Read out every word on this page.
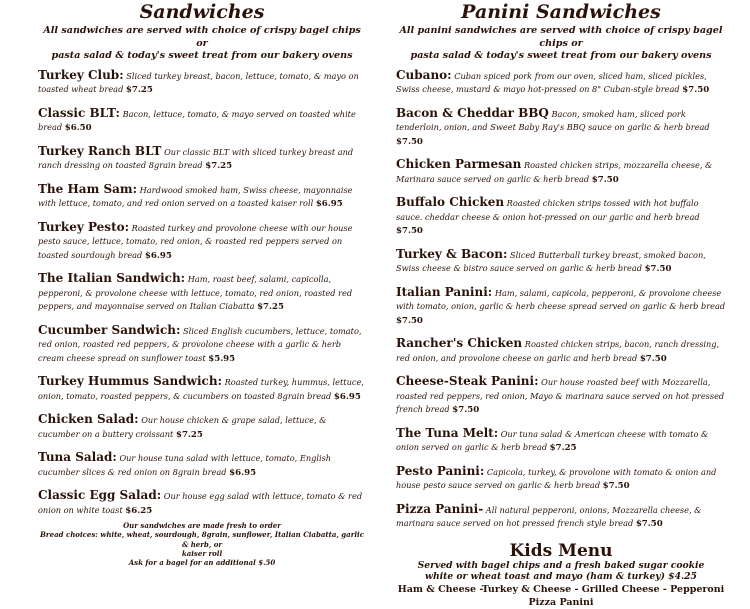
Sandwiches
All sandwiches are served with choice of crispy bagel chips or
pasta salad & today's sweet treat from our bakery ovens
Turkey Club: Sliced turkey breast, bacon, lettuce, tomato, & mayo on toasted wheat bread $7.25
Classic BLT: Bacon, lettuce, tomato, & mayo served on toasted white bread $6.50
Turkey Ranch BLT Our classic BLT with sliced turkey breast and ranch dressing on toasted 8grain bread $7.25
The Ham Sam: Hardwood smoked ham, Swiss cheese, mayonnaise with lettuce, tomato, and red onion served on a toasted kaiser roll $6.95
Turkey Pesto: Roasted turkey and provolone cheese with our house pesto sauce, lettuce, tomato, red onion, & roasted red peppers served on toasted sourdough bread $6.95
The Italian Sandwich: Ham, roast beef, salami, capicolla, pepperoni, & provolone cheese with lettuce, tomato, red onion, roasted red peppers, and mayonnaise served on Italian Ciabatta $7.25
Cucumber Sandwich: Sliced English cucumbers, lettuce, tomato, red onion, roasted red peppers, & provolone cheese with a garlic & herb cream cheese spread on sunflower toast $5.95
Turkey Hummus Sandwich: Roasted turkey, hummus, lettuce, onion, tomato, roasted peppers, & cucumbers on toasted 8grain bread $6.95
Chicken Salad: Our house chicken & grape salad, lettuce, & cucumber on a buttery croissant $7.25
Tuna Salad: Our house tuna salad with lettuce, tomato, English cucumber slices & red onion on 8grain bread $6.95
Classic Egg Salad: Our house egg salad with lettuce, tomato & red onion on white toast $6.25
Our sandwiches are made fresh to order
Bread choices: white, wheat, sourdough, 8grain, sunflower, Italian Ciabatta, garlic & herb, or
kaiser roll
Ask for a bagel for an additional $.50
Panini Sandwiches
All panini sandwiches are served with choice of crispy bagel chips or
pasta salad & today's sweet treat from our bakery ovens
Cubano: Cuban spiced pork from our oven, sliced ham, sliced pickles, Swiss cheese, mustard & mayo hot-pressed on 8" Cuban-style bread $7.50
Bacon & Cheddar BBQ Bacon, smoked ham, sliced pork tenderloin, onion, and Sweet Baby Ray's BBQ sauce on garlic & herb bread $7.50
Chicken Parmesan Roasted chicken strips, mozzarella cheese, & Marinara sauce served on garlic & herb bread $7.50
Buffalo Chicken Roasted chicken strips tossed with hot buffalo sauce. cheddar cheese & onion hot-pressed on our garlic and herb bread $7.50
Turkey & Bacon: Sliced Butterball turkey breast, smoked bacon, Swiss cheese & bistro sauce served on garlic & herb bread $7.50
Italian Panini: Ham, salami, capicola, pepperoni, & provolone cheese with tomato, onion, garlic & herb cheese spread served on garlic & herb bread $7.50
Rancher's Chicken Roasted chicken strips, bacon, ranch dressing, red onion, and provolone cheese on garlic and herb bread $7.50
Cheese-Steak Panini: Our house roasted beef with Mozzarella, roasted red peppers, red onion, Mayo & marinara sauce served on hot pressed french bread $7.50
The Tuna Melt: Our tuna salad & American cheese with tomato & onion served on garlic & herb bread $7.25
Pesto Panini: Capicola, turkey, & provolone with tomato & onion and house pesto sauce served on garlic & herb bread $7.50
Pizza Panini- All natural pepperoni, onions, Mozzarella cheese, & marinara sauce served on hot pressed french style bread $7.50
Kids Menu
Served with bagel chips and a fresh baked sugar cookie
white or wheat toast and mayo (ham & turkey) $4.25
Ham & Cheese -Turkey & Cheese - Grilled Cheese - Pepperoni Pizza Panini
